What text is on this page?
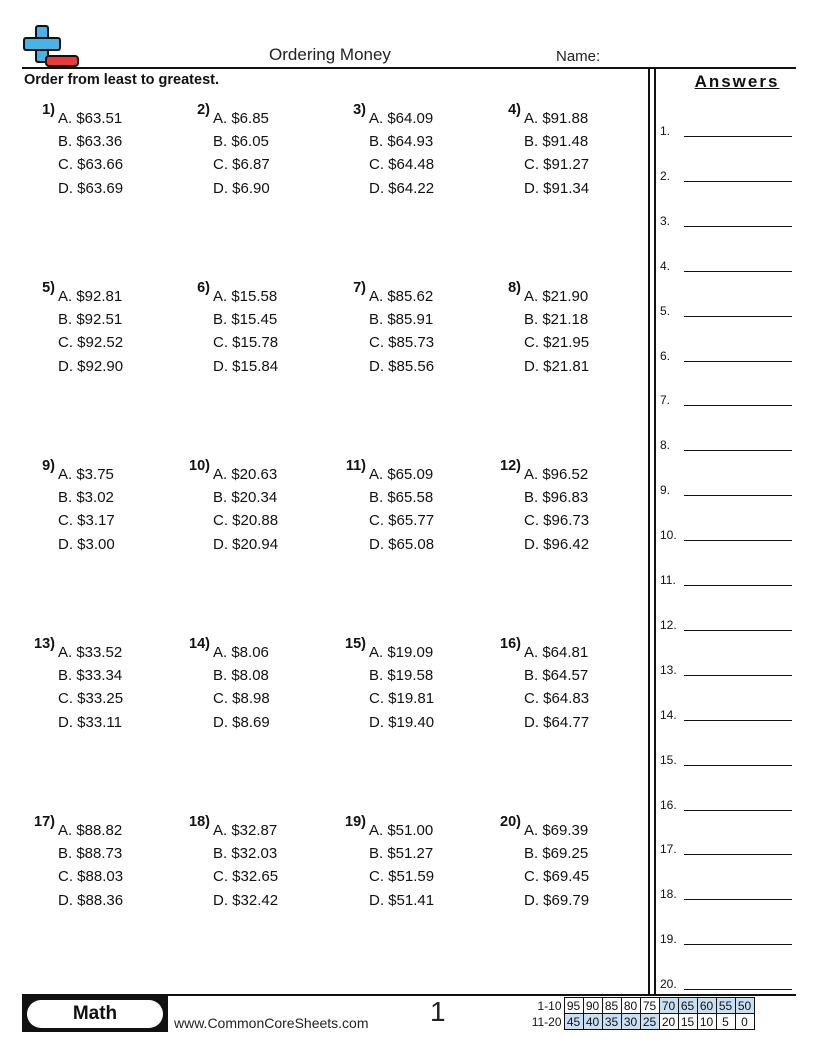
Ordering Money	Name:
Order from least to greatest.	Answers
1.
2.
3.
4.
5.
6.
7.
8.
9.
10.
11.
12.
13.
14.
15.
16.
17.
18.
19.
20.
1) A. $63.51
B. $63.36
C. $63.66
D. $63.69
2) A. $6.85
B. $6.05
C. $6.87
D. $6.90
3) A. $64.09
B. $64.93
C. $64.48
D. $64.22
4) A. $91.88
B. $91.48
C. $91.27
D. $91.34
5) A. $92.81
B. $92.51
C. $92.52
D. $92.90
6) A. $15.58
B. $15.45
C. $15.78
D. $15.84
7) A. $85.62
B. $85.91
C. $85.73
D. $85.56
8) A. $21.90
B. $21.18
C. $21.95
D. $21.81
9) A. $3.75
B. $3.02
C. $3.17
D. $3.00
10) A. $20.63
B. $20.34
C. $20.88
D. $20.94
11) A. $65.09
B. $65.58
C. $65.77
D. $65.08
12) A. $96.52
B. $96.83
C. $96.73
D. $96.42
13) A. $33.52
B. $33.34
C. $33.25
D. $33.11
14) A. $8.06
B. $8.08
C. $8.98
D. $8.69
15) A. $19.09
B. $19.58
C. $19.81
D. $19.40
16) A. $64.81
B. $64.57
C. $64.83
D. $64.77
17) A. $88.82
B. $88.73
C. $88.03
D. $88.36
18) A. $32.87
B. $32.03
C. $32.65
D. $32.42
19) A. $51.00
B. $51.27
C. $51.59
D. $51.41
20) A. $69.39
B. $69.25
C. $69.45
D. $69.79
Math	www.CommonCoreSheets.com 1	1-10	95	90	85	80	75	70	65	60	55	50
11-20	45	40	35	30	25	20	15	10	5	0
